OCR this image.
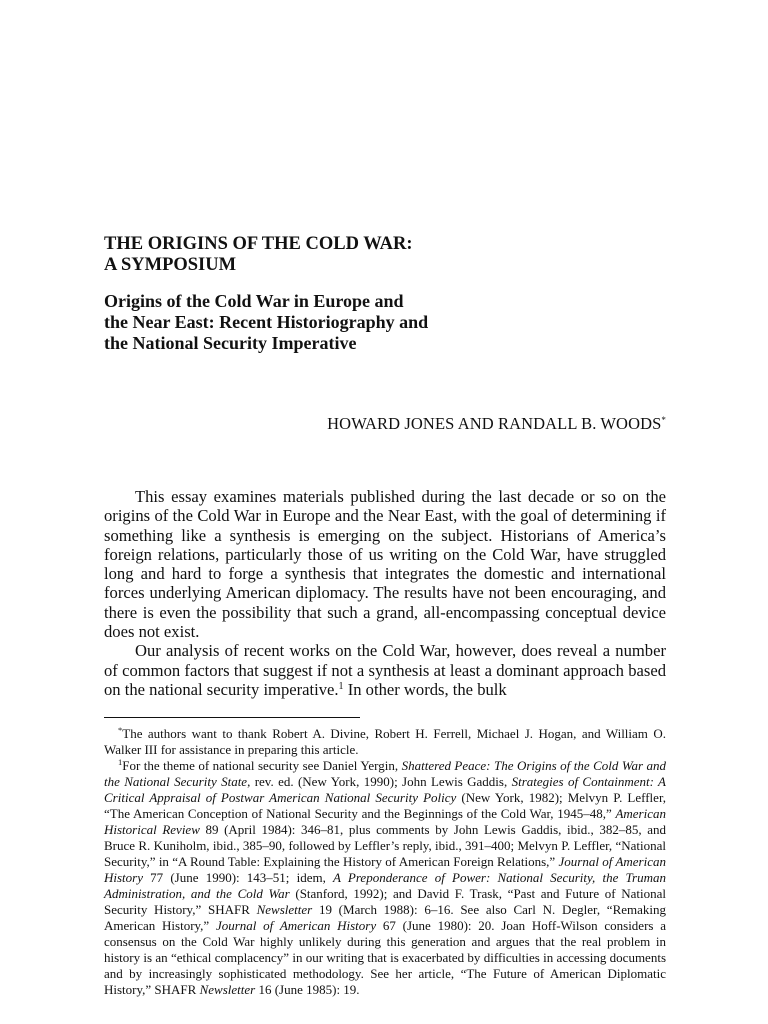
THE ORIGINS OF THE COLD WAR:
A SYMPOSIUM
Origins of the Cold War in Europe and
the Near East: Recent Historiography and
the National Security Imperative
HOWARD JONES AND RANDALL B. WOODS*

This essay examines materials published during the last decade or so on the origins of the Cold War in Europe and the Near East, with the goal of determining if something like a synthesis is emerging on the subject. Historians of America’s foreign relations, particularly those of us writing on the Cold War, have struggled long and hard to forge a synthesis that integrates the domestic and international forces underlying American diplomacy. The results have not been encouraging, and there is even the possibility that such a grand, all-encompassing conceptual device does not exist.

Our analysis of recent works on the Cold War, however, does reveal a number of common factors that suggest if not a synthesis at least a dominant approach based on the national security imperative.$^1$ In other words, the bulk

*The authors want to thank Robert A. Divine, Robert H. Ferrell, Michael J. Hogan, and William O. Walker III for assistance in preparing this article.

$^1$For the theme of national security see Daniel Yergin, Shattered Peace: The Origins of the Cold War and the National Security State, rev. ed. (New York, 1990); John Lewis Gaddis, Strategies of Containment: A Critical Appraisal of Postwar American National Security Policy (New York, 1982); Melvyn P. Leffler, “The American Conception of National Security and the Beginnings of the Cold War, 1945–48,” American Historical Review 89 (April 1984): 346–81, plus comments by John Lewis Gaddis, ibid., 382–85, and Bruce R. Kuniholm, ibid., 385–90, followed by Leffler’s reply, ibid., 391–400; Melvyn P. Leffler, “National Security,” in “A Round Table: Explaining the History of American Foreign Relations,” Journal of American History 77 (June 1990): 143–51; idem, A Preponderance of Power: National Security, the Truman Administration, and the Cold War (Stanford, 1992); and David F. Trask, “Past and Future of National Security History,” SHAFR Newsletter 19 (March 1988): 6–16. See also Carl N. Degler, “Remaking American History,” Journal of American History 67 (June 1980): 20. Joan Hoff-Wilson considers a consensus on the Cold War highly unlikely during this generation and argues that the real problem in history is an “ethical complacency” in our writing that is exacerbated by difficulties in accessing documents and by increasingly sophisticated methodology. See her article, “The Future of American Diplomatic History,” SHAFR Newsletter 16 (June 1985): 19.
